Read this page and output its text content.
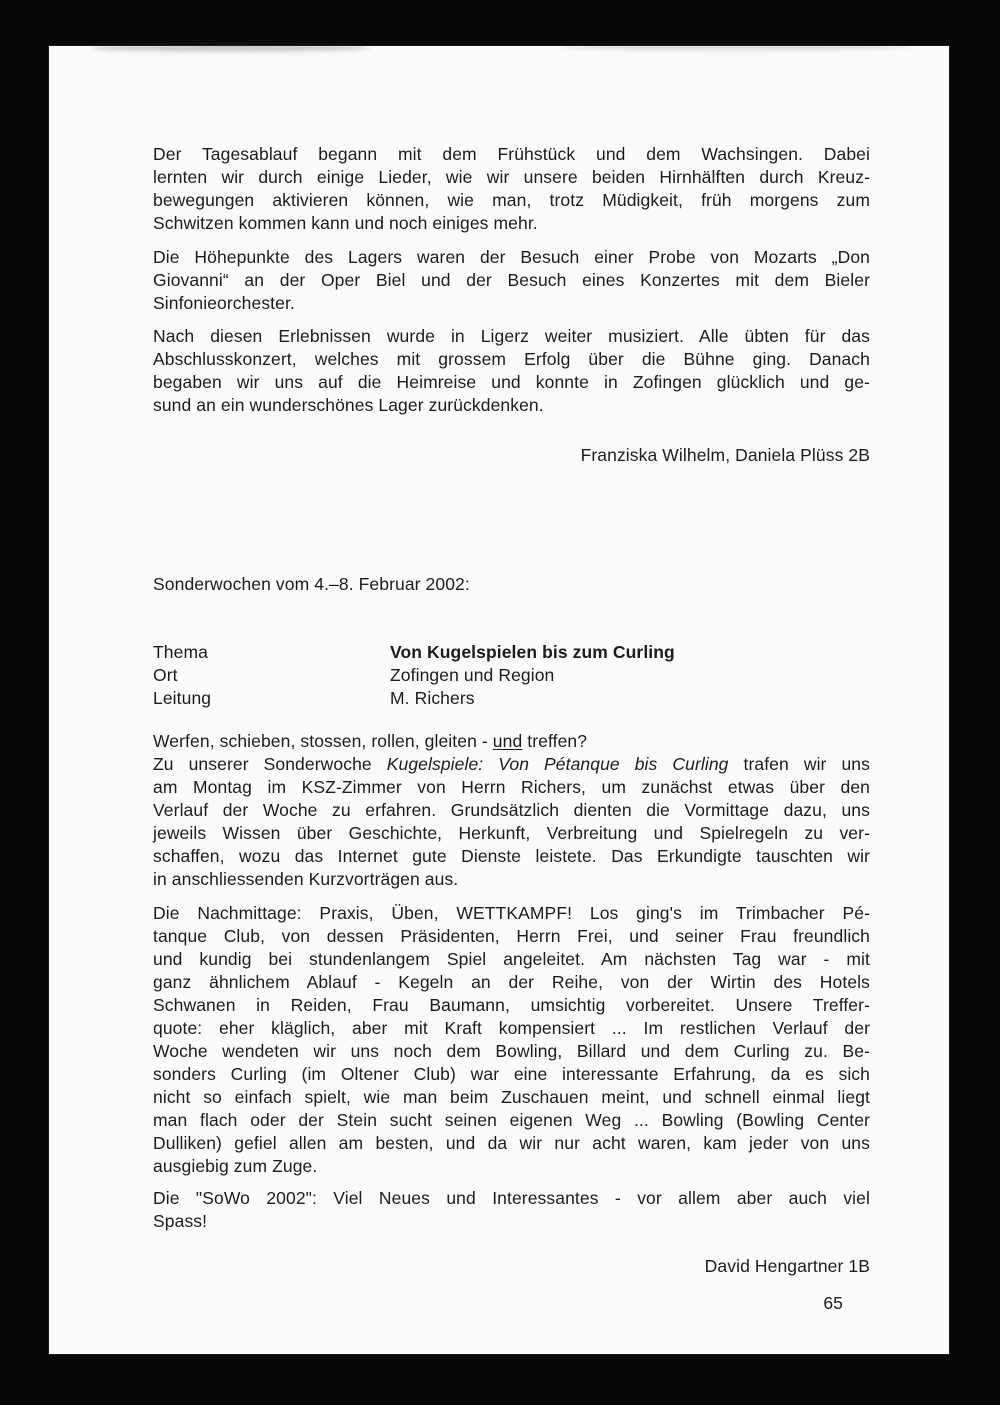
Der Tagesablauf begann mit dem Frühstück und dem Wachsingen. Dabei
lernten wir durch einige Lieder, wie wir unsere beiden Hirnhälften durch Kreuz-
bewegungen aktivieren können, wie man, trotz Müdigkeit, früh morgens zum
Schwitzen kommen kann und noch einiges mehr.
Die Höhepunkte des Lagers waren der Besuch einer Probe von Mozarts „Don
Giovanni“ an der Oper Biel und der Besuch eines Konzertes mit dem Bieler
Sinfonieorchester.
Nach diesen Erlebnissen wurde in Ligerz weiter musiziert. Alle übten für das
Abschlusskonzert, welches mit grossem Erfolg über die Bühne ging. Danach
begaben wir uns auf die Heimreise und konnte in Zofingen glücklich und ge-
sund an ein wunderschönes Lager zurückdenken.
Franziska Wilhelm, Daniela Plüss 2B
Sonderwochen vom 4.–8. Februar 2002:
Thema	Von Kugelspielen bis zum Curling
Ort	Zofingen und Region
Leitung	M. Richers
Werfen, schieben, stossen, rollen, gleiten - und treffen?
Zu unserer Sonderwoche Kugelspiele: Von Pétanque bis Curling trafen wir uns
am Montag im KSZ-Zimmer von Herrn Richers, um zunächst etwas über den
Verlauf der Woche zu erfahren. Grundsätzlich dienten die Vormittage dazu, uns
jeweils Wissen über Geschichte, Herkunft, Verbreitung und Spielregeln zu ver-
schaffen, wozu das Internet gute Dienste leistete. Das Erkundigte tauschten wir
in anschliessenden Kurzvorträgen aus.
Die Nachmittage: Praxis, Üben, WETTKAMPF! Los ging's im Trimbacher Pé-
tanque Club, von dessen Präsidenten, Herrn Frei, und seiner Frau freundlich
und kundig bei stundenlangem Spiel angeleitet. Am nächsten Tag war - mit
ganz ähnlichem Ablauf - Kegeln an der Reihe, von der Wirtin des Hotels
Schwanen in Reiden, Frau Baumann, umsichtig vorbereitet. Unsere Treffer-
quote: eher kläglich, aber mit Kraft kompensiert ... Im restlichen Verlauf der
Woche wendeten wir uns noch dem Bowling, Billard und dem Curling zu. Be-
sonders Curling (im Oltener Club) war eine interessante Erfahrung, da es sich
nicht so einfach spielt, wie man beim Zuschauen meint, und schnell einmal liegt
man flach oder der Stein sucht seinen eigenen Weg ... Bowling (Bowling Center
Dulliken) gefiel allen am besten, und da wir nur acht waren, kam jeder von uns
ausgiebig zum Zuge.
Die "SoWo 2002": Viel Neues und Interessantes - vor allem aber auch viel
Spass!
David Hengartner 1B
65
